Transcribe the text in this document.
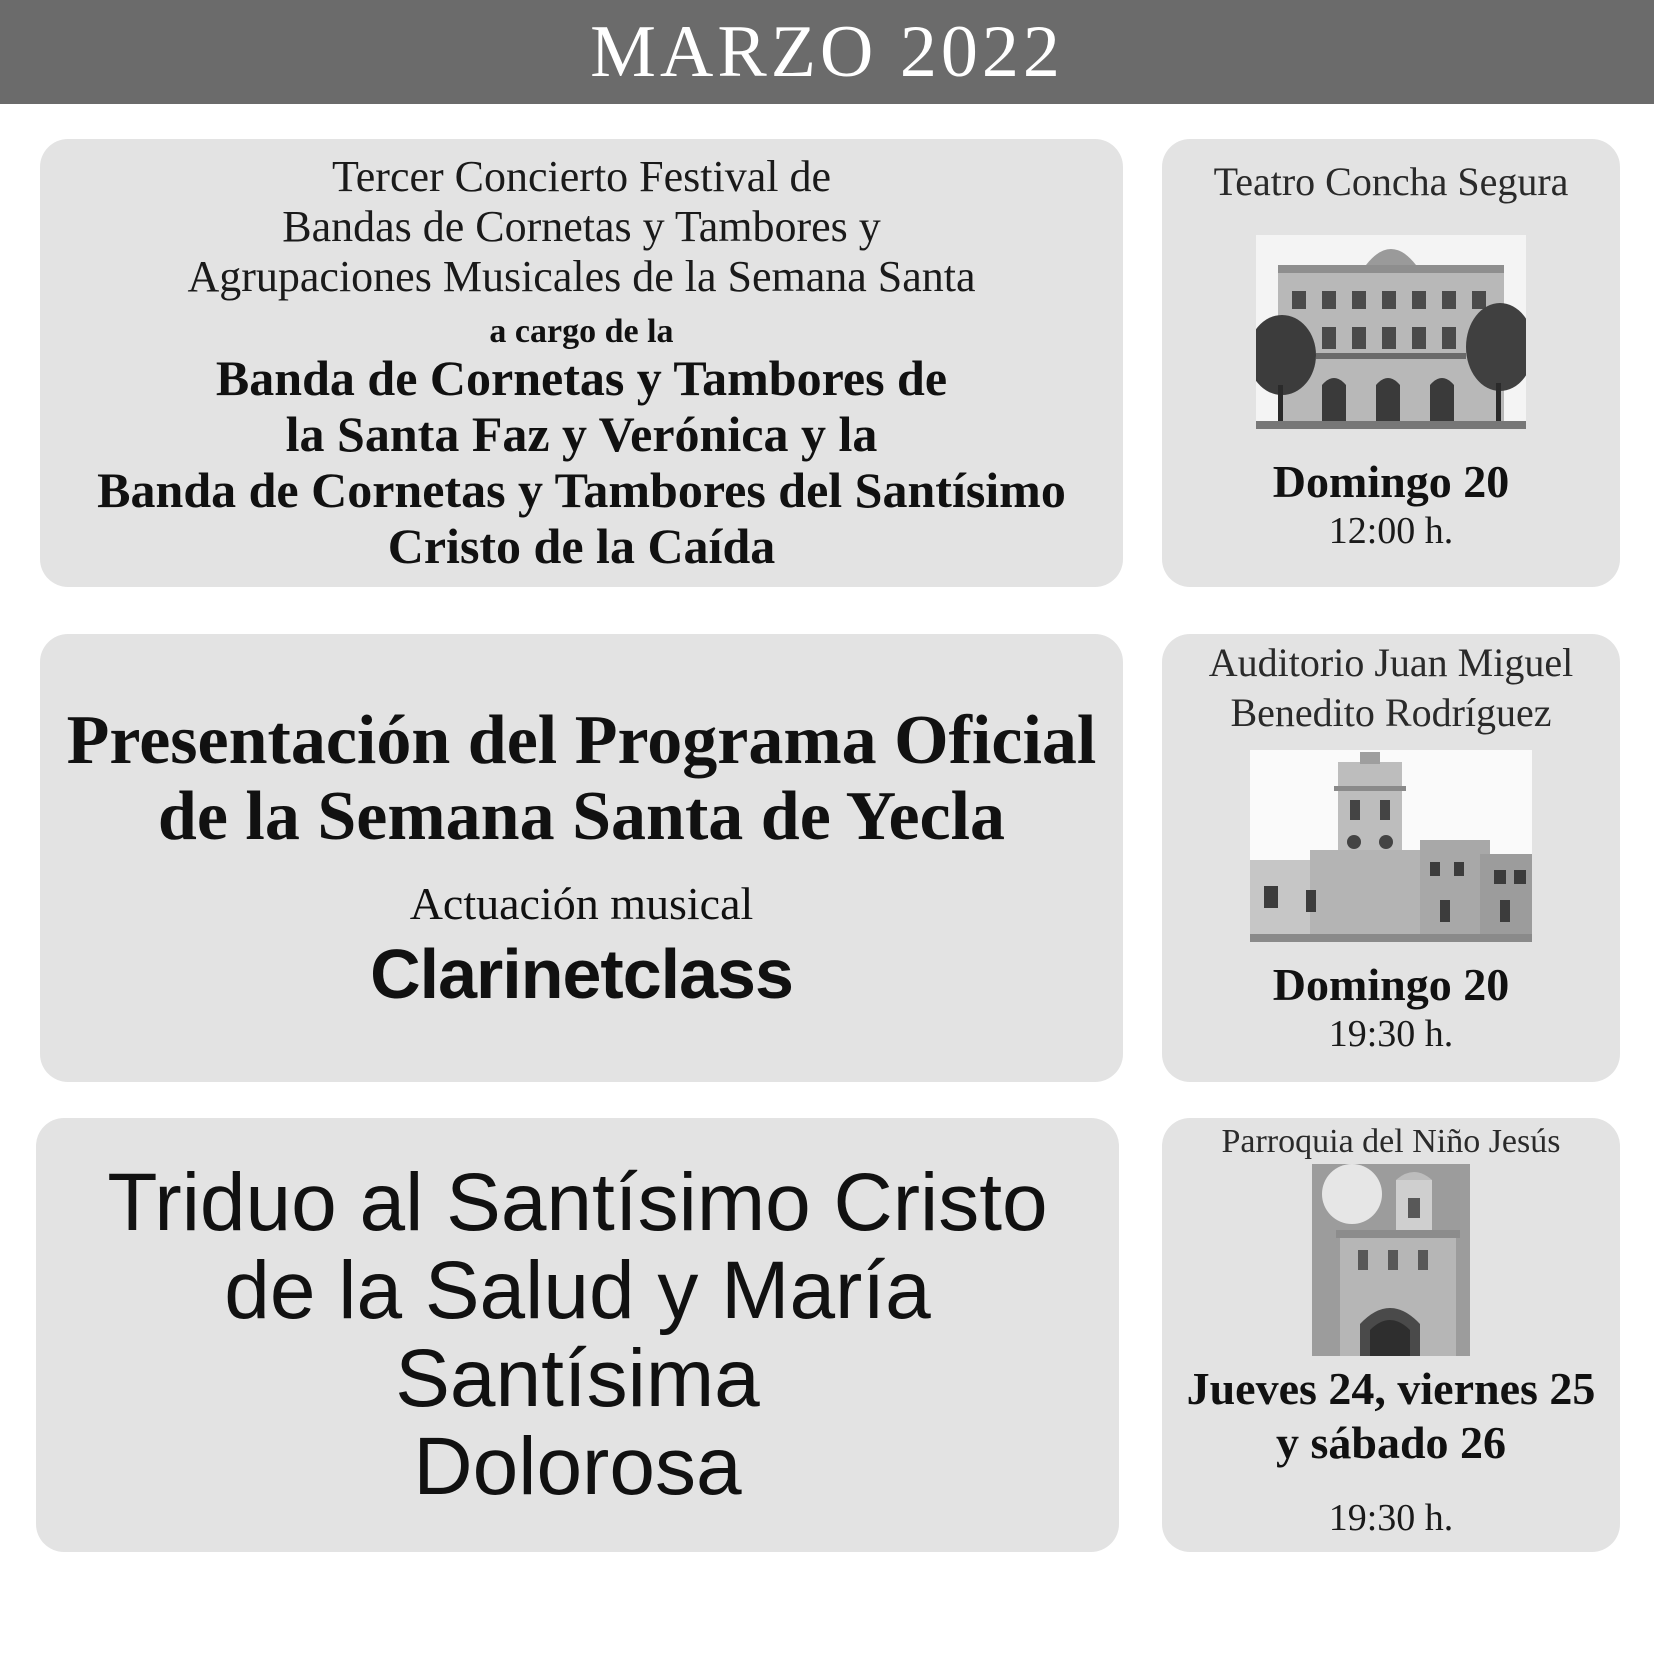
MARZO 2022
Tercer Concierto Festival de
Bandas de Cornetas y Tambores y
Agrupaciones Musicales de la Semana Santa
a cargo de la
Banda de Cornetas y Tambores de
la Santa Faz y Verónica y la
Banda de Cornetas y Tambores del Santísimo
Cristo de la Caída
Teatro Concha Segura
Domingo 20
12:00 h.
Presentación del Programa Oficial
de la Semana Santa de Yecla
Actuación musical
Clarinetclass
Auditorio Juan Miguel
Benedito Rodríguez
Domingo 20
19:30 h.
Triduo al Santísimo Cristo
de la Salud y María Santísima
Dolorosa
Parroquia del Niño Jesús
Jueves 24, viernes 25
y sábado 26
19:30 h.
